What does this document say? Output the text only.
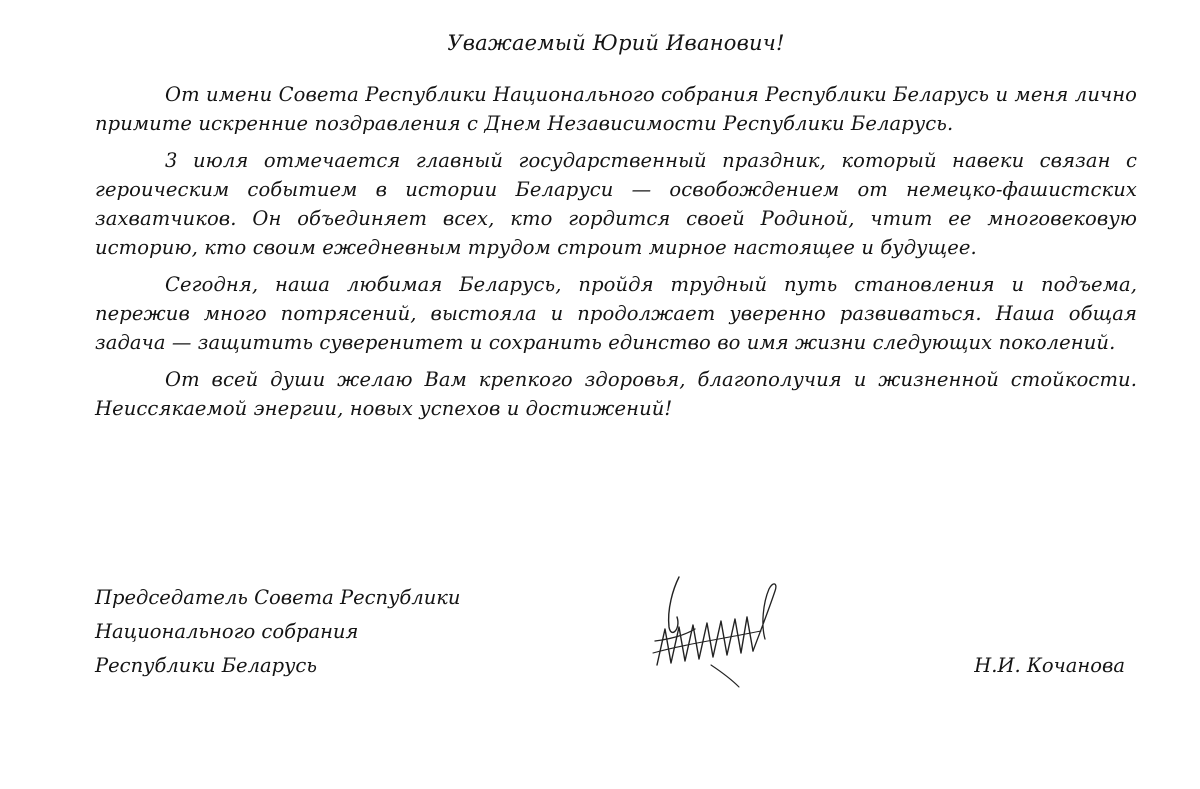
Уважаемый Юрий Иванович!

От имени Совета Республики Национального собрания Республики Беларусь и меня лично примите искренние поздравления с Днем Независимости Республики Беларусь.

3 июля отмечается главный государственный праздник, который навеки связан с героическим событием в истории Беларуси — освобождением от немецко-фашистских захватчиков. Он объединяет всех, кто гордится своей Родиной, чтит ее многовековую историю, кто своим ежедневным трудом строит мирное настоящее и будущее.

Сегодня, наша любимая Беларусь, пройдя трудный путь становления и подъема, пережив много потрясений, выстояла и продолжает уверенно развиваться. Наша общая задача — защитить суверенитет и сохранить единство во имя жизни следующих поколений.

От всей души желаю Вам крепкого здоровья, благополучия и жизненной стойкости. Неиссякаемой энергии, новых успехов и достижений!

Председатель Совета Республики
Национального собрания
Республики Беларусь	Н.И. Кочанова
